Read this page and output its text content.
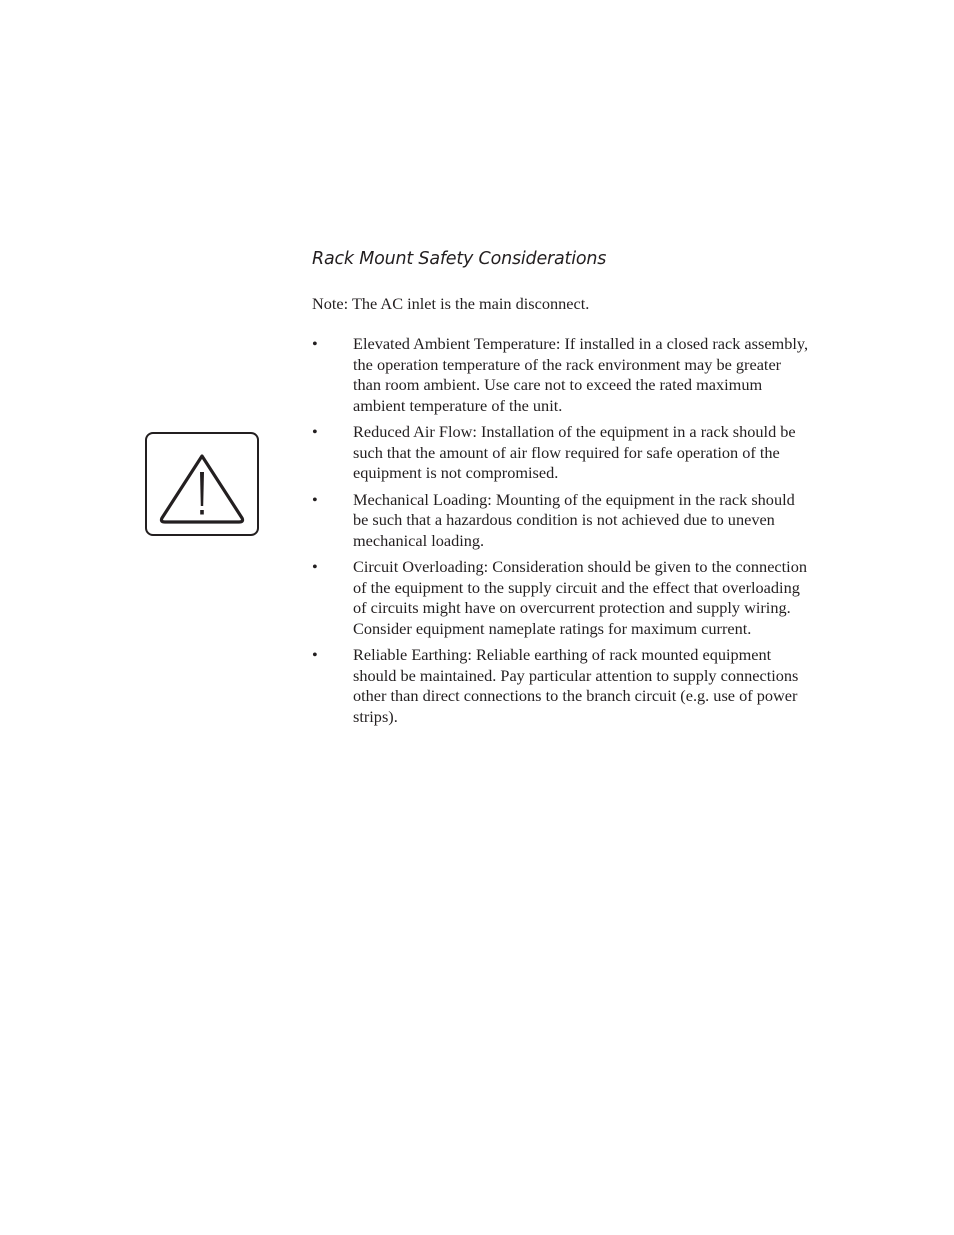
Rack Mount Safety Considerations

Note: The AC inlet is the main disconnect.

•	Elevated Ambient Temperature: If installed in a closed rack assembly, the operation temperature of the rack environment may be greater than room ambient. Use care not to exceed the rated maximum ambient temperature of the unit.
•	Reduced Air Flow: Installation of the equipment in a rack should be such that the amount of air flow required for safe operation of the equipment is not compromised.
•	Mechanical Loading: Mounting of the equipment in the rack should be such that a hazardous condition is not achieved due to uneven mechanical loading.
•	Circuit Overloading: Consideration should be given to the connection of the equipment to the supply circuit and the effect that overloading of circuits might have on overcurrent protection and supply wiring. Consider equipment nameplate ratings for maximum current.
•	Reliable Earthing: Reliable earthing of rack mounted equipment should be maintained. Pay particular attention to supply connections other than direct connections to the branch circuit (e.g. use of power strips).
